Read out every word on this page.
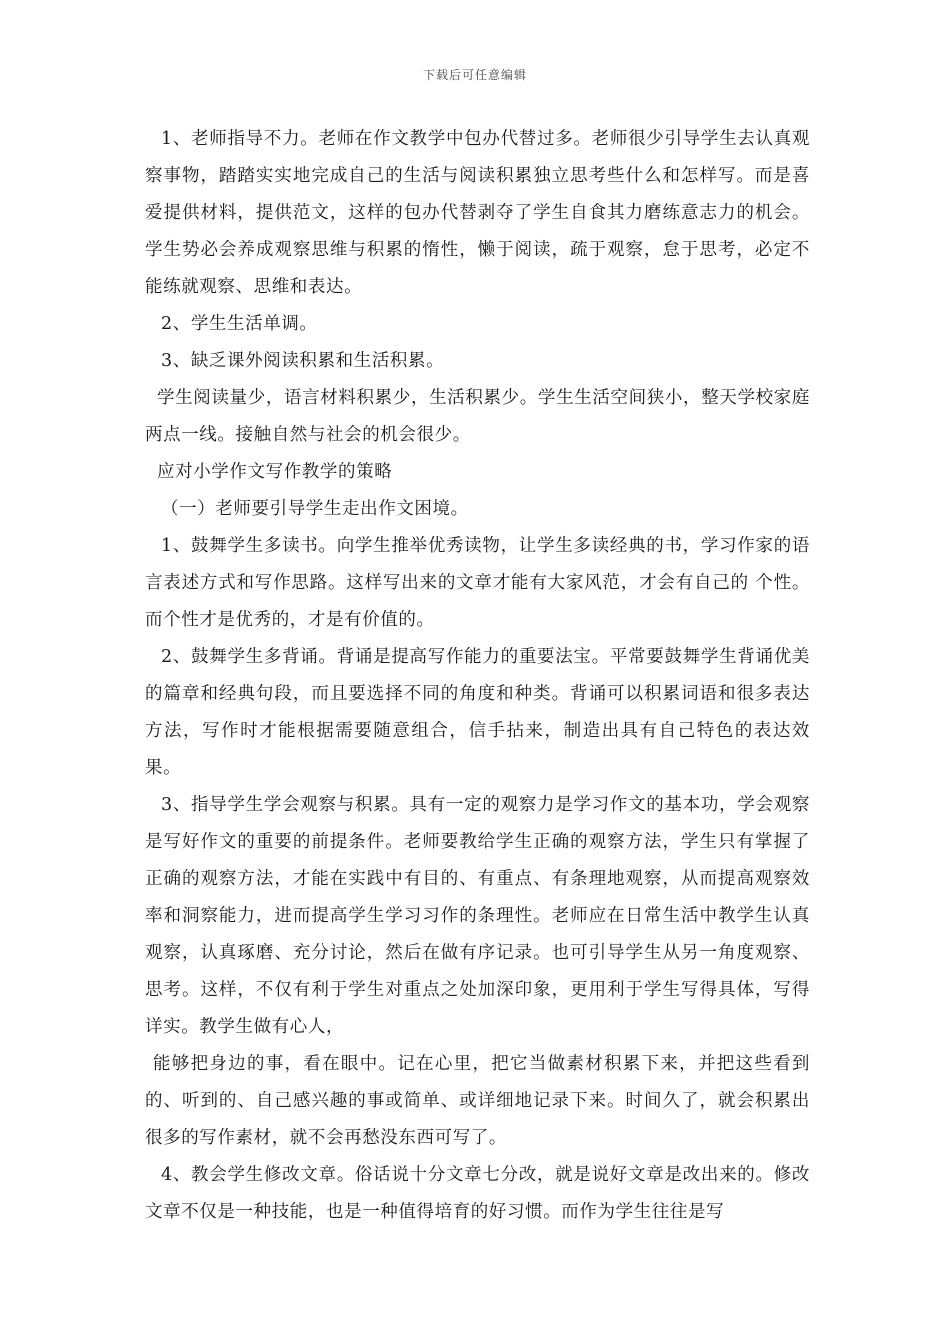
下载后可任意编辑

1、老师指导不力。老师在作文教学中包办代替过多。老师很少引导学生去认真观察事物，踏踏实实地完成自己的生活与阅读积累独立思考些什么和怎样写。而是喜爱提供材料，提供范文，这样的包办代替剥夺了学生自食其力磨练意志力的机会。学生势必会养成观察思维与积累的惰性，懒于阅读，疏于观察，怠于思考，必定不能练就观察、思维和表达。

2、学生生活单调。

3、缺乏课外阅读积累和生活积累。

学生阅读量少，语言材料积累少，生活积累少。学生生活空间狭小，整天学校家庭两点一线。接触自然与社会的机会很少。

应对小学作文写作教学的策略

（一）老师要引导学生走出作文困境。

1、鼓舞学生多读书。向学生推举优秀读物，让学生多读经典的书，学习作家的语言表述方式和写作思路。这样写出来的文章才能有大家风范，才会有自己的 个性。而个性才是优秀的，才是有价值的。

2、鼓舞学生多背诵。背诵是提高写作能力的重要法宝。平常要鼓舞学生背诵优美的篇章和经典句段，而且要选择不同的角度和种类。背诵可以积累词语和很多表达方法，写作时才能根据需要随意组合，信手拈来，制造出具有自己特色的表达效果。

3、指导学生学会观察与积累。具有一定的观察力是学习作文的基本功，学会观察是写好作文的重要的前提条件。老师要教给学生正确的观察方法，学生只有掌握了正确的观察方法，才能在实践中有目的、有重点、有条理地观察，从而提高观察效率和洞察能力，进而提高学生学习习作的条理性。老师应在日常生活中教学生认真观察，认真琢磨、充分讨论，然后在做有序记录。也可引导学生从另一角度观察、思考。这样，不仅有利于学生对重点之处加深印象，更用利于学生写得具体，写得详实。教学生做有心人，

能够把身边的事，看在眼中。记在心里，把它当做素材积累下来，并把这些看到的、听到的、自己感兴趣的事或简单、或详细地记录下来。时间久了，就会积累出很多的写作素材，就不会再愁没东西可写了。

4、教会学生修改文章。俗话说十分文章七分改，就是说好文章是改出来的。修改文章不仅是一种技能，也是一种值得培育的好习惯。而作为学生往往是写
